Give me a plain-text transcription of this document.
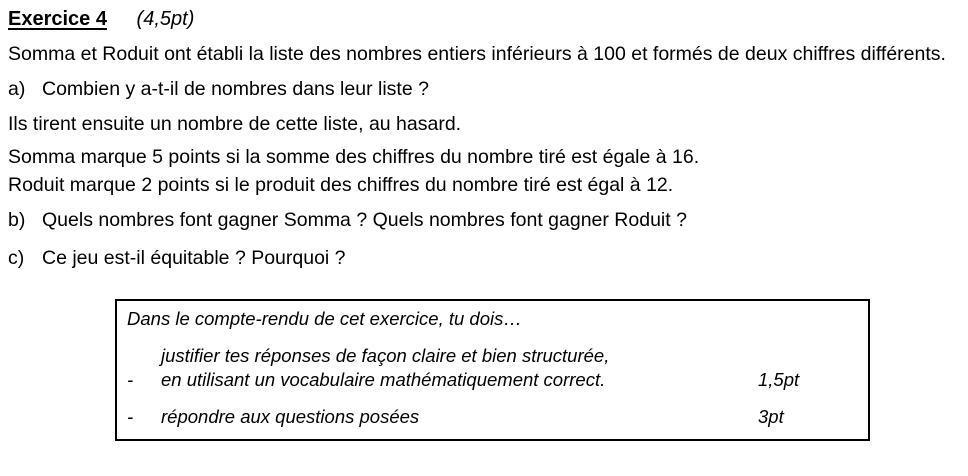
Exercice 4 (4,5pt)

Somma et Roduit ont établi la liste des nombres entiers inférieurs à 100 et formés de deux chiffres différents.

a) Combien y a-t-il de nombres dans leur liste ?

Ils tirent ensuite un nombre de cette liste, au hasard.

Somma marque 5 points si la somme des chiffres du nombre tiré est égale à 16.

Roduit marque 2 points si le produit des chiffres du nombre tiré est égal à 12.

b) Quels nombres font gagner Somma ? Quels nombres font gagner Roduit ?
c) Ce jeu est-il équitable ? Pourquoi ?

Dans le compte-rendu de cet exercice, tu dois…

-
justifier tes réponses de façon claire et bien structurée,
en utilisant un vocabulaire mathématiquement correct.	1,5pt
-	répondre aux questions posées	3pt
